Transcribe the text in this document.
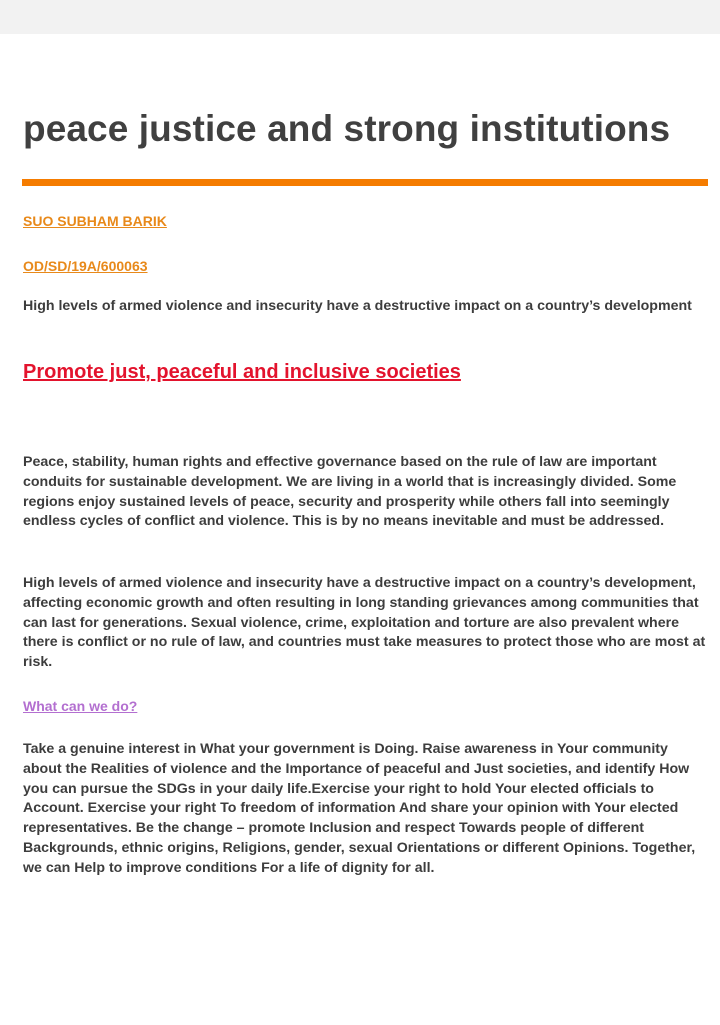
peace justice and strong institutions
SUO SUBHAM BARIK
OD/SD/19A/600063

High levels of armed violence and insecurity have a destructive impact on a country’s development

Promote just, peaceful and inclusive societies

Peace, stability, human rights and effective governance based on the rule of law are important conduits for sustainable development. We are living in a world that is increasingly divided. Some regions enjoy sustained levels of peace, security and prosperity while others fall into seemingly endless cycles of conflict and violence. This is by no means inevitable and must be addressed.

High levels of armed violence and insecurity have a destructive impact on a country’s development, affecting economic growth and often resulting in long standing grievances among communities that can last for generations. Sexual violence, crime, exploitation and torture are also prevalent where there is conflict or no rule of law, and countries must take measures to protect those who are most at risk.

What can we do?

Take a genuine interest in What your government is Doing. Raise awareness in Your community about the Realities of violence and the Importance of peaceful and Just societies, and identify How you can pursue the SDGs in your daily life.Exercise your right to hold Your elected officials to Account. Exercise your right To freedom of information And share your opinion with Your elected representatives. Be the change – promote Inclusion and respect Towards people of different Backgrounds, ethnic origins, Religions, gender, sexual Orientations or different Opinions. Together, we can Help to improve conditions For a life of dignity for all.
